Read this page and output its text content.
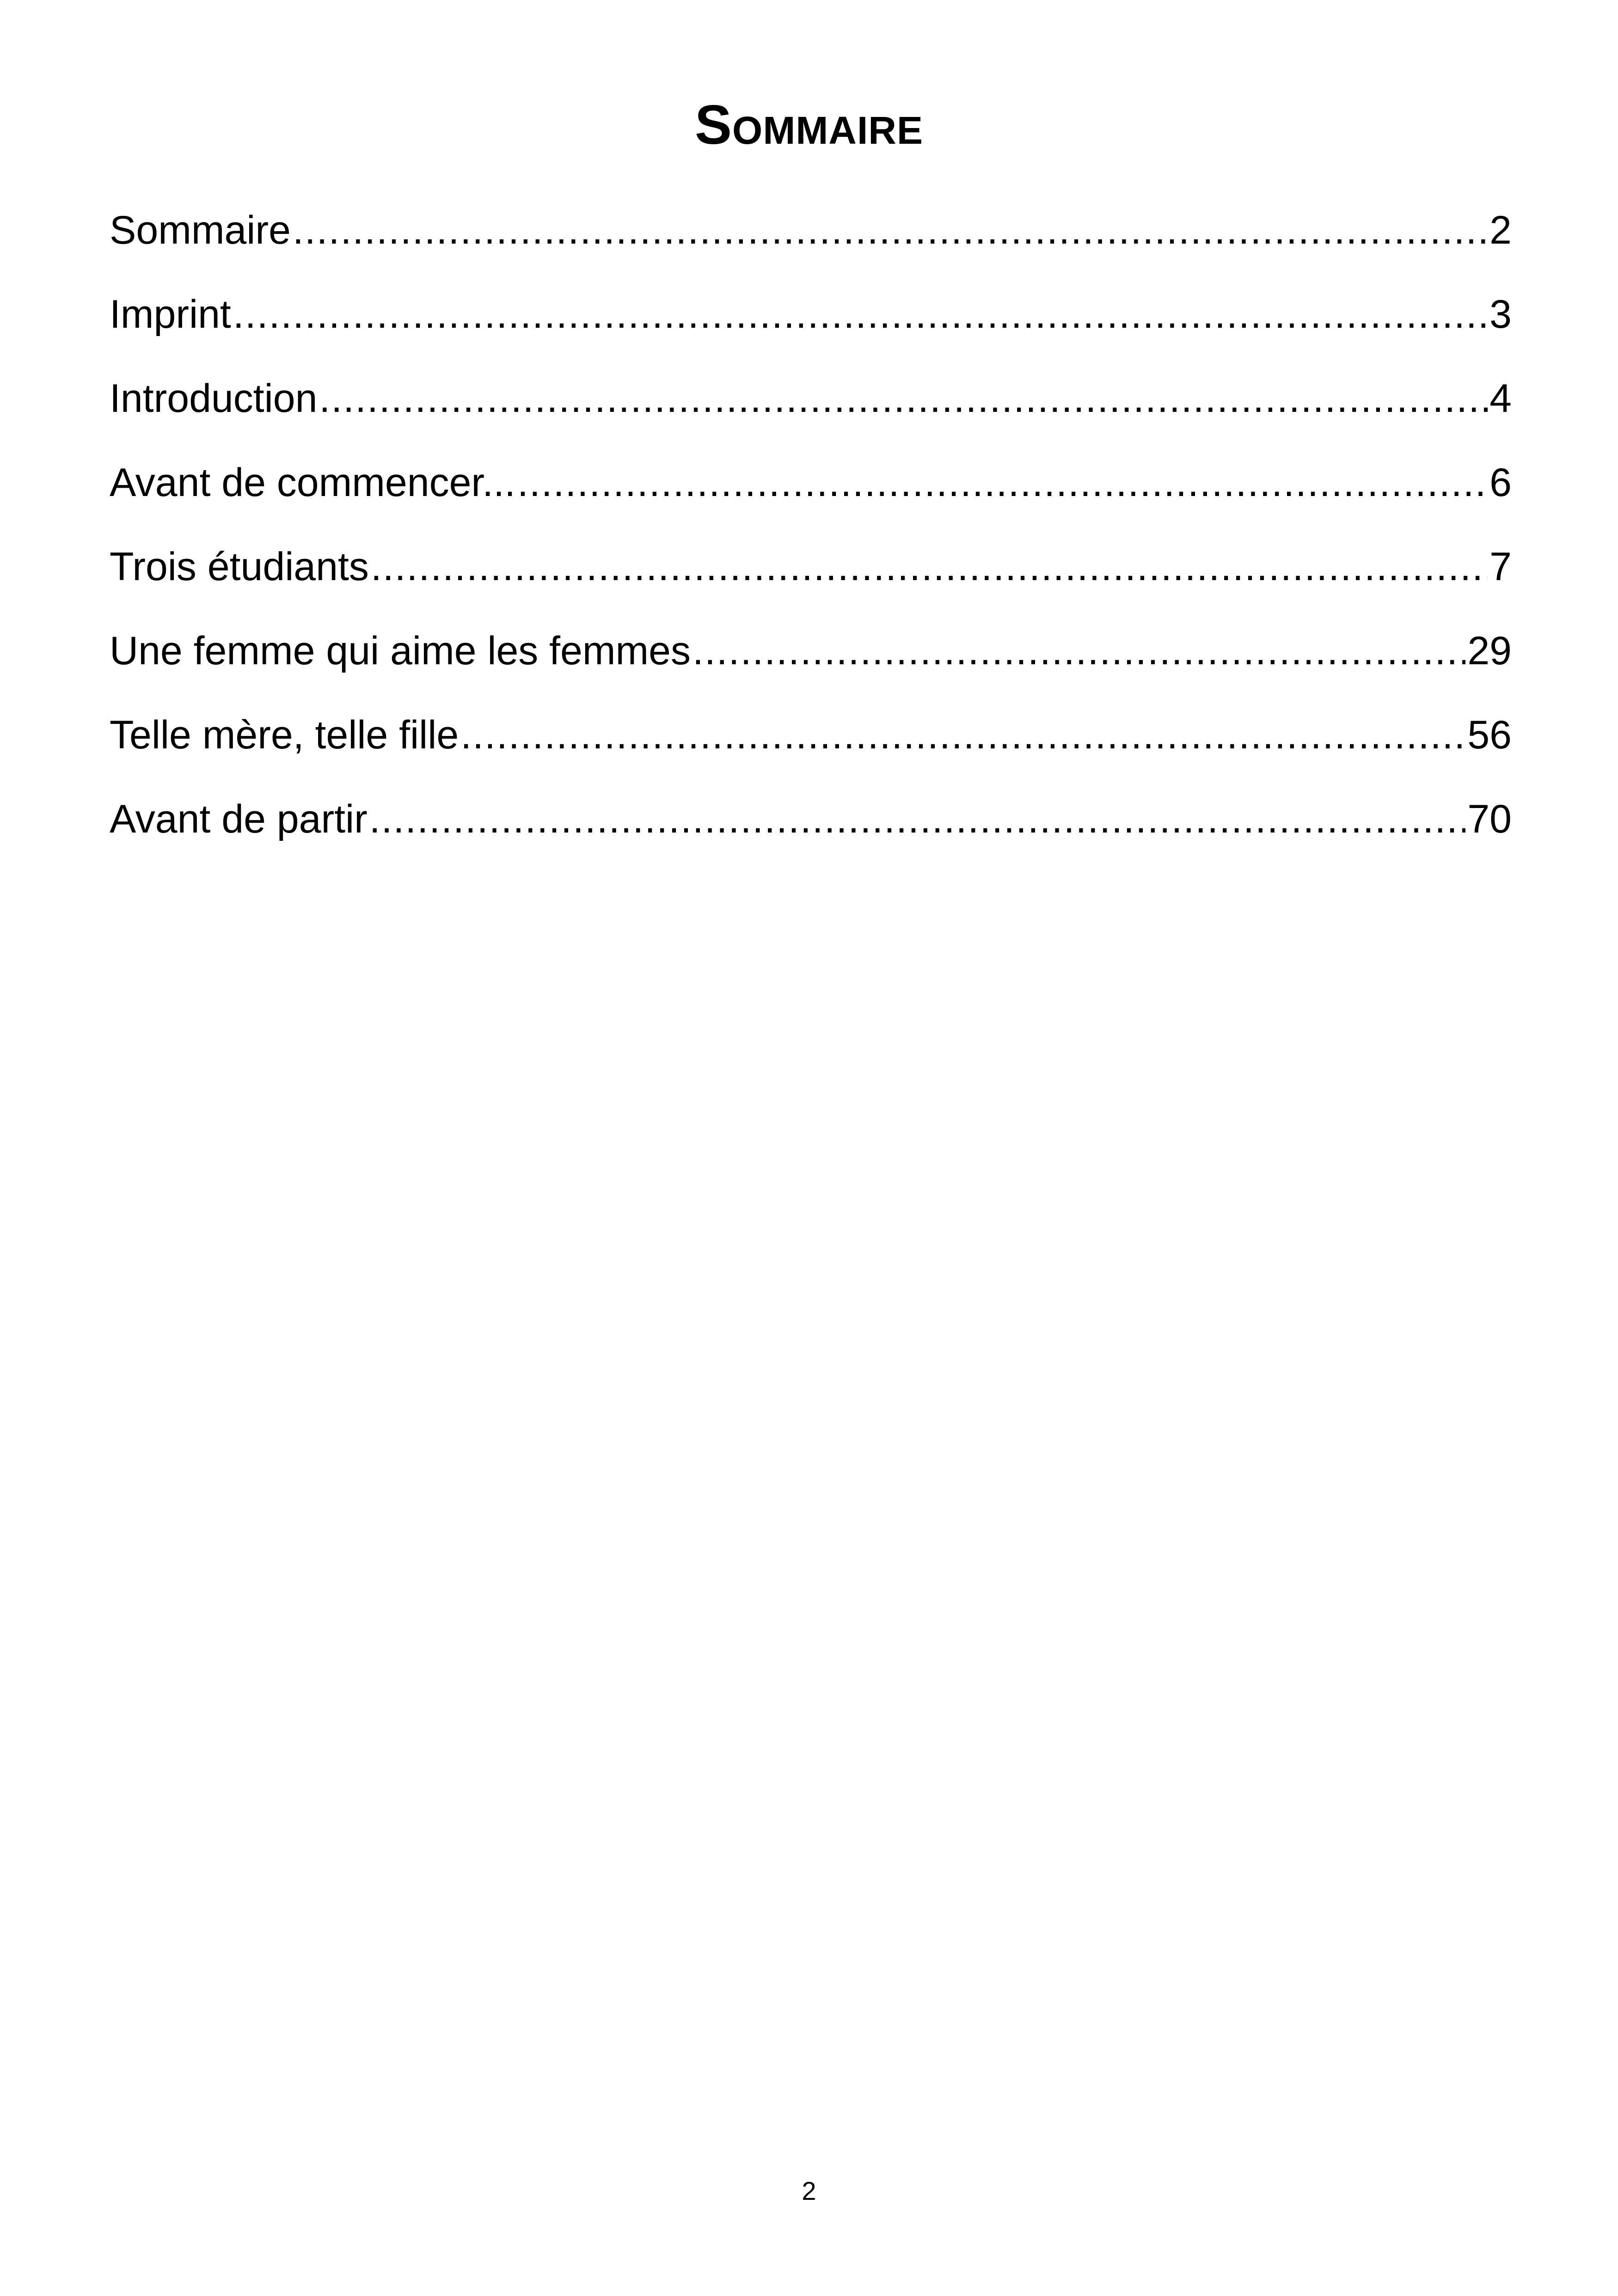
Sommaire
Sommaire .....	2
Imprint .....	3
Introduction .....	4
Avant de commencer... .....	6
Trois étudiants .....	7
Une femme qui aime les femmes .....	29
Telle mère, telle fille .....	56
Avant de partir .....	70
2
